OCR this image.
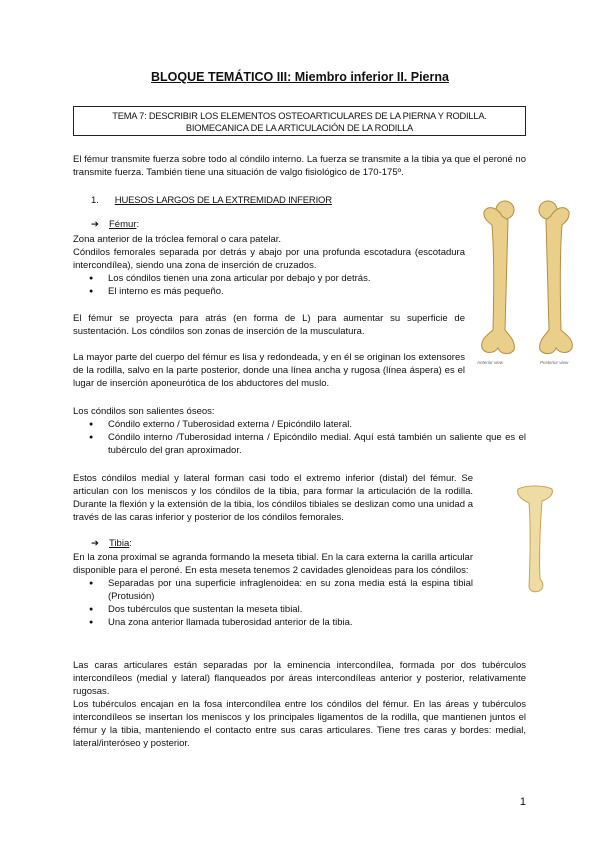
BLOQUE TEMÁTICO III: Miembro inferior II. Pierna
TEMA 7: DESCRIBIR LOS ELEMENTOS OSTEOARTICULARES DE LA PIERNA Y RODILLA.
BIOMECANICA DE LA ARTICULACIÓN DE LA RODILLA
El fémur transmite fuerza sobre todo al cóndilo interno. La fuerza se transmite a la tibia ya que el peroné no transmite fuerza. También tiene una situación de valgo fisiológico de 170-175º.
1. HUESOS LARGOS DE LA EXTREMIDAD INFERIOR
➔ Fémur:
Zona anterior de la tróclea femoral o cara patelar.
Cóndilos femorales separada por detrás y abajo por una profunda escotadura (escotadura intercondílea), siendo una zona de inserción de cruzados.
● Los cóndilos tienen una zona articular por debajo y por detrás.
● El interno es más pequeño.
El fémur se proyecta para atrás (en forma de L) para aumentar su superficie de sustentación. Los cóndilos son zonas de inserción de la musculatura.
La mayor parte del cuerpo del fémur es lisa y redondeada, y en él se originan los extensores de la rodilla, salvo en la parte posterior, donde una línea ancha y rugosa (línea áspera) es el lugar de inserción aponeurótica de los abductores del muslo.
Los cóndilos son salientes óseos:
● Cóndilo externo / Tuberosidad externa / Epicóndilo lateral.
● Cóndilo interno /Tuberosidad interna / Epicóndilo medial. Aquí está también un saliente que es el tubérculo del gran aproximador.
Estos cóndilos medial y lateral forman casi todo el extremo inferior (distal) del fémur. Se articulan con los meniscos y los cóndilos de la tibia, para formar la articulación de la rodilla. Durante la flexión y la extensión de la tibia, los cóndilos tibiales se deslizan como una unidad a través de las caras inferior y posterior de los cóndilos femorales.
➔ Tibia:
En la zona proximal se agranda formando la meseta tibial. En la cara externa la carilla articular disponible para el peroné. En esta meseta tenemos 2 cavidades glenoideas para los cóndilos:
● Separadas por una superficie infraglenoidea: en su zona media está la espina tibial (Protusión)
● Dos tubérculos que sustentan la meseta tibial.
● Una zona anterior llamada tuberosidad anterior de la tibia.
Las caras articulares están separadas por la eminencia intercondílea, formada por dos tubérculos intercondíleos (medial y lateral) flanqueados por áreas intercondíleas anterior y posterior, relativamente rugosas.
Los tubérculos encajan en la fosa intercondílea entre los cóndilos del fémur. En las áreas y tubérculos intercondíleos se insertan los meniscos y los principales ligamentos de la rodilla, que mantienen juntos el fémur y la tibia, manteniendo el contacto entre sus caras articulares. Tiene tres caras y bordes: medial, lateral/interóseo y posterior.
Anterior view	Posterior view
1
